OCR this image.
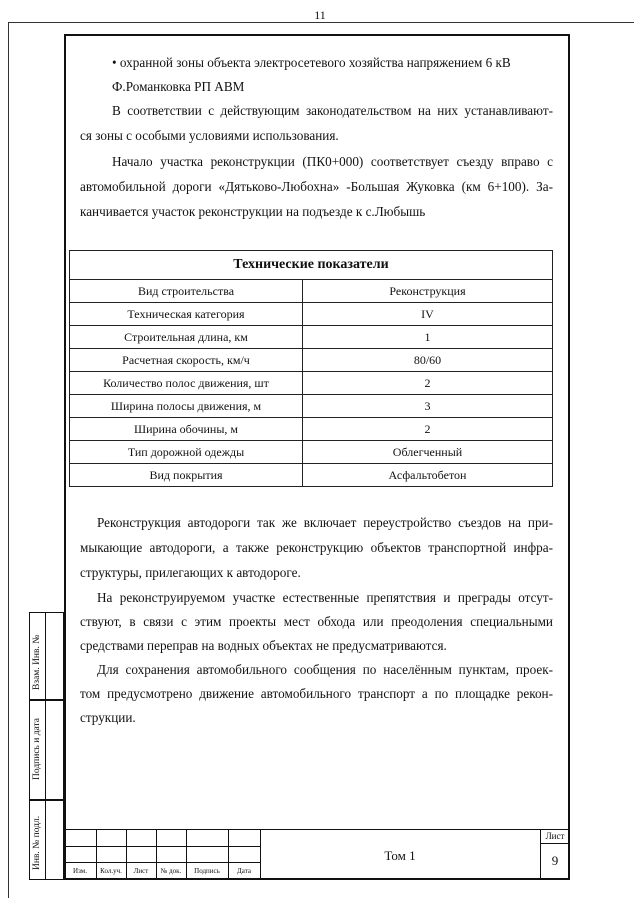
11
• охранной зоны объекта электросетевого хозяйства напряжением 6 кВ
Ф.Романковка РП АВМ
В соответствии с действующим законодательством на них устанавливают-
ся зоны с особыми условиями использования.
Начало участка реконструкции (ПК0+000) соответствует съезду вправо с
автомобильной дороги «Дятьково-Любохна» -Большая Жуковка (км 6+100). За-
канчивается участок реконструкции на подъезде к с.Любышь
Технические показатели	
Вид строительства	Реконструкция
Техническая категория	IV
Строительная длина, км	1
Расчетная скорость, км/ч	80/60
Количество полос движения, шт	2
Ширина полосы движения, м	3
Ширина обочины, м	2
Тип дорожной одежды	Облегченный
Вид покрытия	Асфальтобетон
Реконструкция автодороги так же включает переустройство съездов на при-
мыкающие автодороги, а также реконструкцию объектов транспортной инфра-
структуры, прилегающих к автодороге.
На реконструируемом участке естественные препятствия и преграды отсут-
ствуют, в связи с этим проекты мест обхода или преодоления специальными
средствами переправ на водных объектах не предусматриваются.
Для сохранения автомобильного сообщения по населённым пунктам, проек-
том предусмотрено движение автомобильного транспорт а по площадке рекон-
струкции.
Взам. Инв. №
Подпись и дата
Инв. № подл.
Изм.	Кол.уч.	Лист	№ док.	Подпись	Дата
Том 1
Лист
9
